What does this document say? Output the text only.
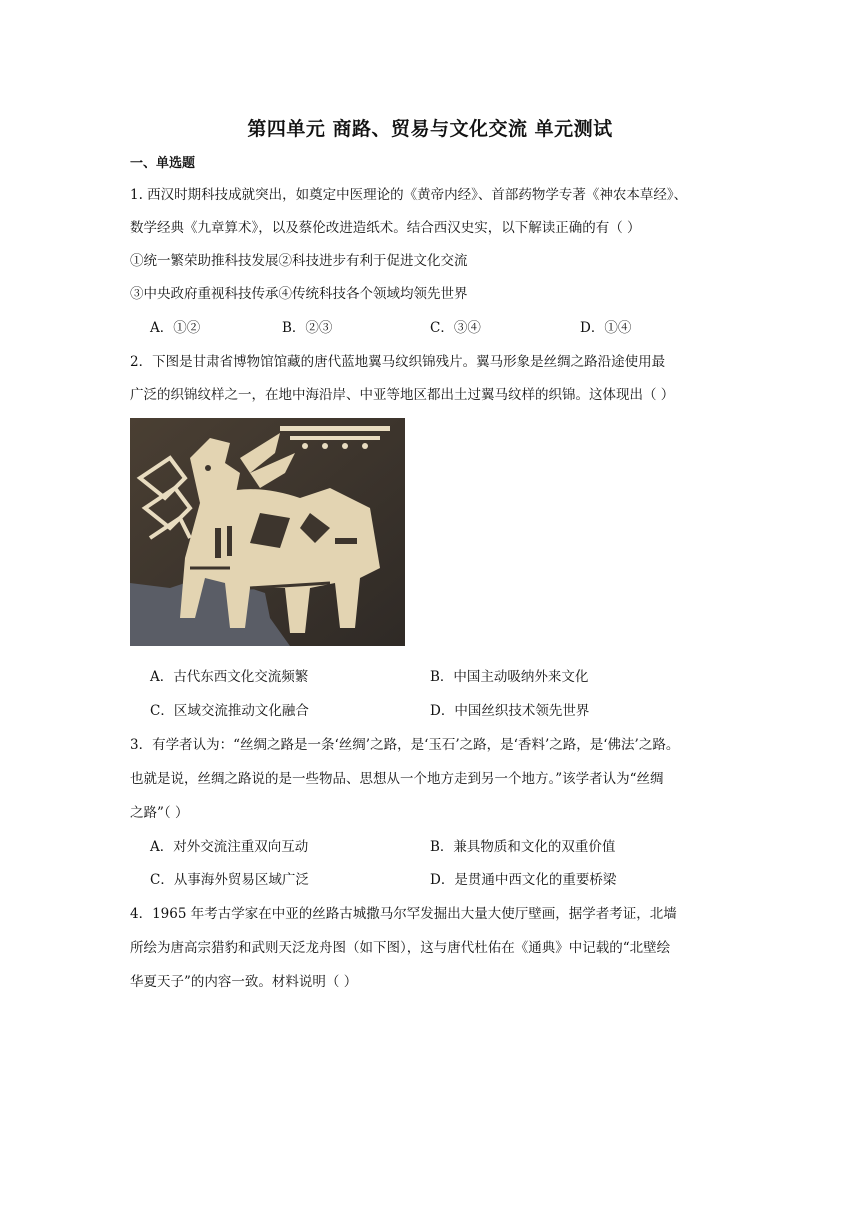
第四单元 商路、贸易与文化交流 单元测试
一、单选题
1. 西汉时期科技成就突出，如奠定中医理论的《黄帝内经》、首部药物学专著《神农本草经》、
数学经典《九章算术》，以及蔡伦改进造纸术。结合西汉史实，以下解读正确的有（ ）
①统一繁荣助推科技发展②科技进步有利于促进文化交流
③中央政府重视科技传承④传统科技各个领域均领先世界
A．①②	B．②③	C．③④	D．①④
2．下图是甘肃省博物馆馆藏的唐代蓝地翼马纹织锦残片。翼马形象是丝绸之路沿途使用最
广泛的织锦纹样之一，在地中海沿岸、中亚等地区都出土过翼马纹样的织锦。这体现出（ ）
A．古代东西文化交流频繁	B．中国主动吸纳外来文化
C．区域交流推动文化融合	D．中国丝织技术领先世界
3．有学者认为：“丝绸之路是一条‘丝绸’之路，是‘玉石’之路，是‘香料’之路，是‘佛法’之路。
也就是说，丝绸之路说的是一些物品、思想从一个地方走到另一个地方。”该学者认为“丝绸
之路”（ ）
A．对外交流注重双向互动	B．兼具物质和文化的双重价值
C．从事海外贸易区域广泛	D．是贯通中西文化的重要桥梁
4．1965 年考古学家在中亚的丝路古城撒马尔罕发掘出大量大使厅壁画，据学者考证，北墙
所绘为唐高宗猎豹和武则天泛龙舟图（如下图），这与唐代杜佑在《通典》中记载的“北壁绘
华夏天子”的内容一致。材料说明（ ）
